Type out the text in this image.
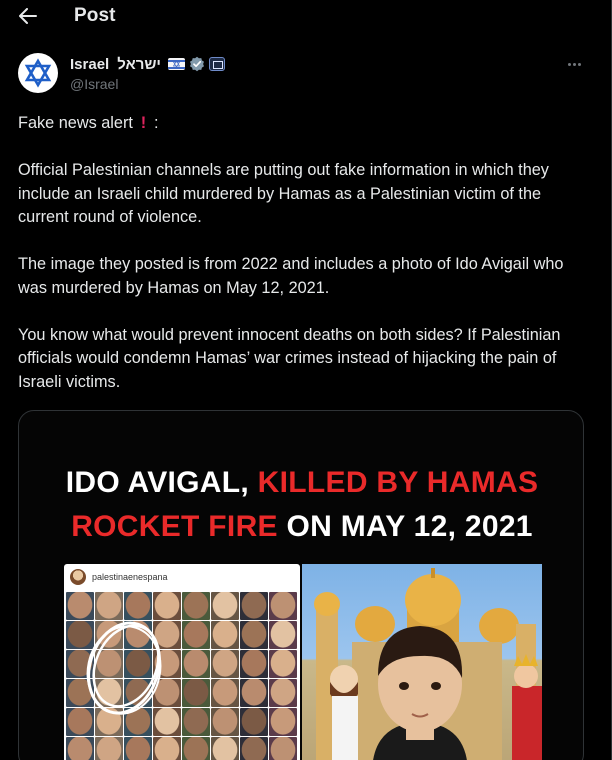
Post
Israel ישראל
@Israel

Fake news alert ! :

Official Palestinian channels are putting out fake information in which they include an Israeli child murdered by Hamas as a Palestinian victim of the current round of violence.

The image they posted is from 2022 and includes a photo of Ido Avigail who was murdered by Hamas on May 12, 2021.

You know what would prevent innocent deaths on both sides? If Palestinian officials would condemn Hamas’ war crimes instead of hijacking the pain of Israeli victims.

IDO AVIGAL, KILLED BY HAMAS
ROCKET FIRE ON MAY 12, 2021
palestinaenespana
